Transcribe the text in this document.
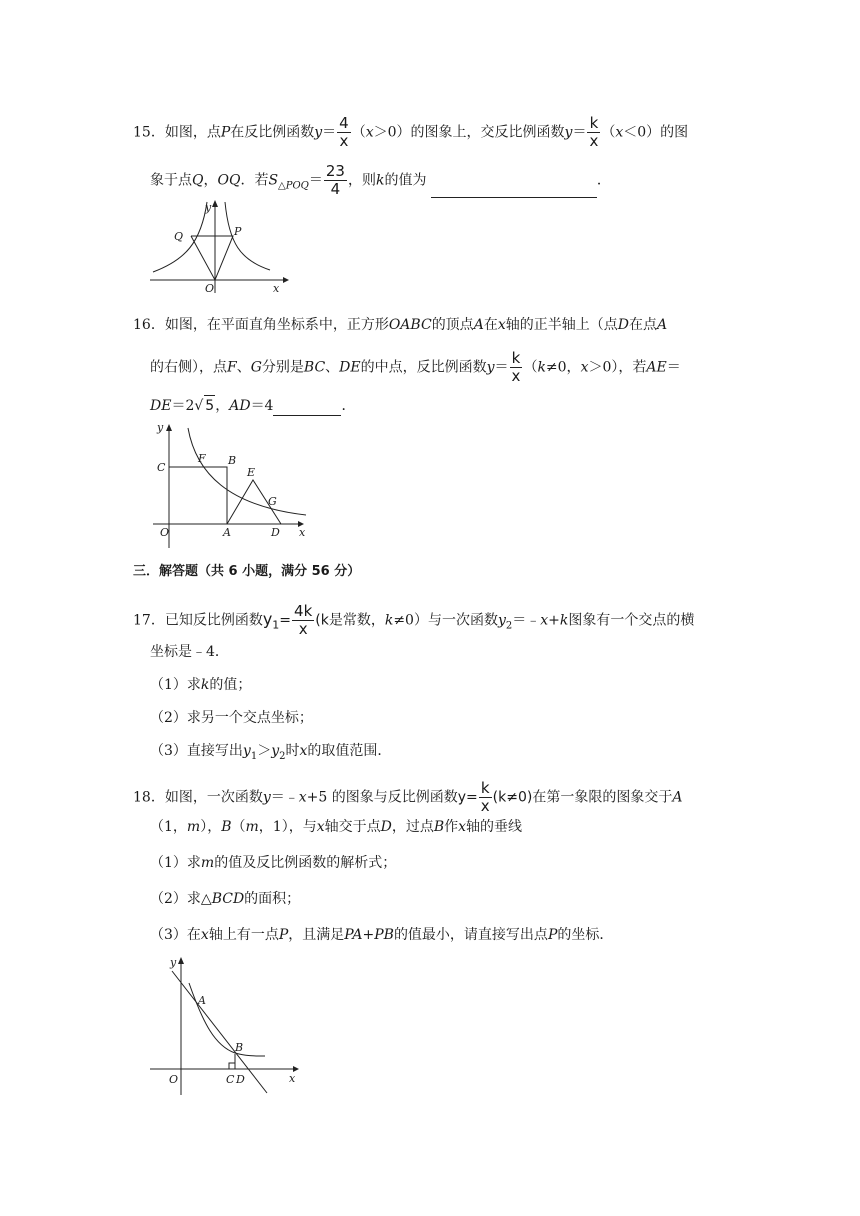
15．如图，点P在反比例函数$y= \frac{4}{x} (x>0)$的图象上，交反比例函数$y= \frac{k}{x} (x<0)$的图
象于点Q，OQ．若$S_{\triangle POQ}= \frac{23}{4}$ ，则k的值为	．
y
x
O
P
Q
16．如图，在平面直角坐标系中，正方形OABC的顶点A在x轴的正半轴上（点D在点A
的右侧），点F、G分别是BC、DE的中点，反比例函数$y= \frac{k}{x} (k\ne 0$，x＞0），若AE＝
DE＝2√ 5，AD＝4	．
y
x
C
F B
E
G
O	A	D
三．解答题（共 6 小题，满分 56 分）
17．已知反比例函数$y_1= \frac{4k}{x} (k$是常数，k≠0）与一次函数$y_2=﹣x+k$图象有一个交点的横
坐标是﹣4．
（1）求k的值；
（2）求另一个交点坐标；
（3）直接写出$y_1>y_2$时x的取值范围．
18．如图，一次函数y＝﹣x+5 的图象与反比例函数$y= \frac{k}{x} (k\ne 0)$在第一象限的图象交于A
（1，m），B（m，1），与x轴交于点D，过点B作x轴的垂线
（1）求m的值及反比例函数的解析式；
（2）求△BCD的面积；
（3）在x轴上有一点P，且满足PA+PB的值最小，请直接写出点P的坐标．
y
x
O
A
B
C D
